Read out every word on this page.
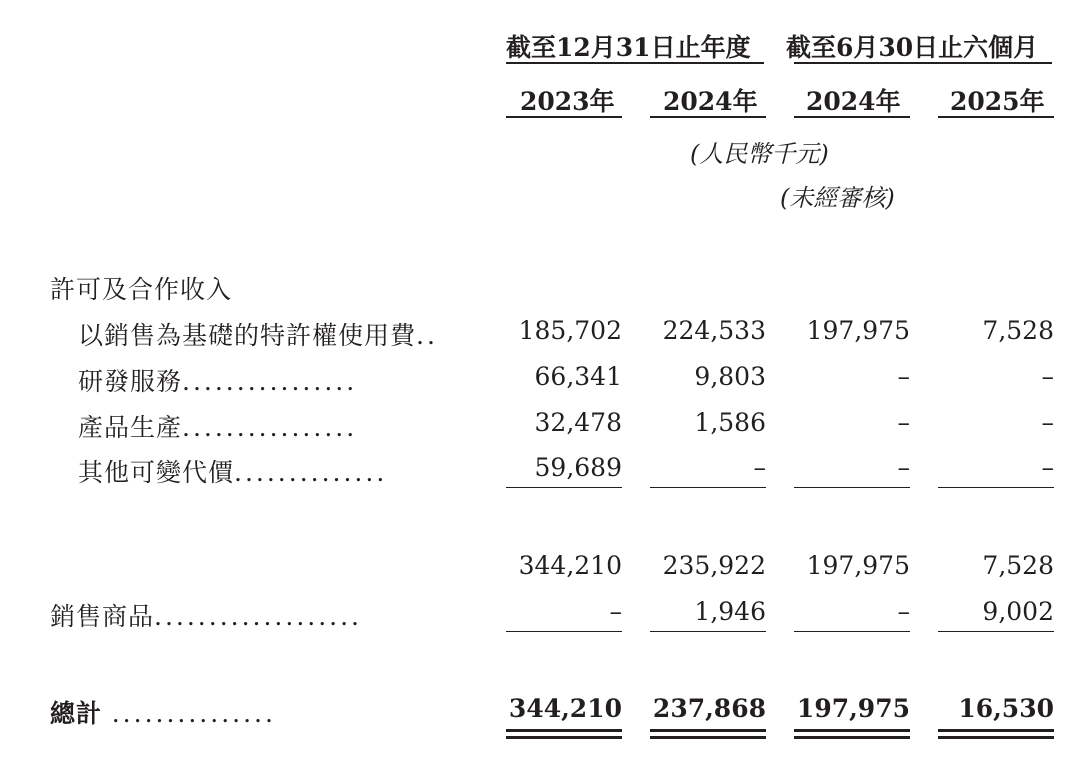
截至12月31日止年度 截至6月30日止六個月
2023年 2024年 2024年 2025年
(人民幣千元)
(未經審核)
許可及合作收入
以銷售為基礎的特許權使用費..	185,702	224,533	197,975	7,528
研發服務................	66,341	9,803	–	–
產品生產................	32,478	1,586	–	–
其他可變代價..............	59,689	–	–	–
344,210	235,922	197,975	7,528
銷售商品...................	–	1,946	–	9,002
總計 ...............	344,210	237,868	197,975	16,530
